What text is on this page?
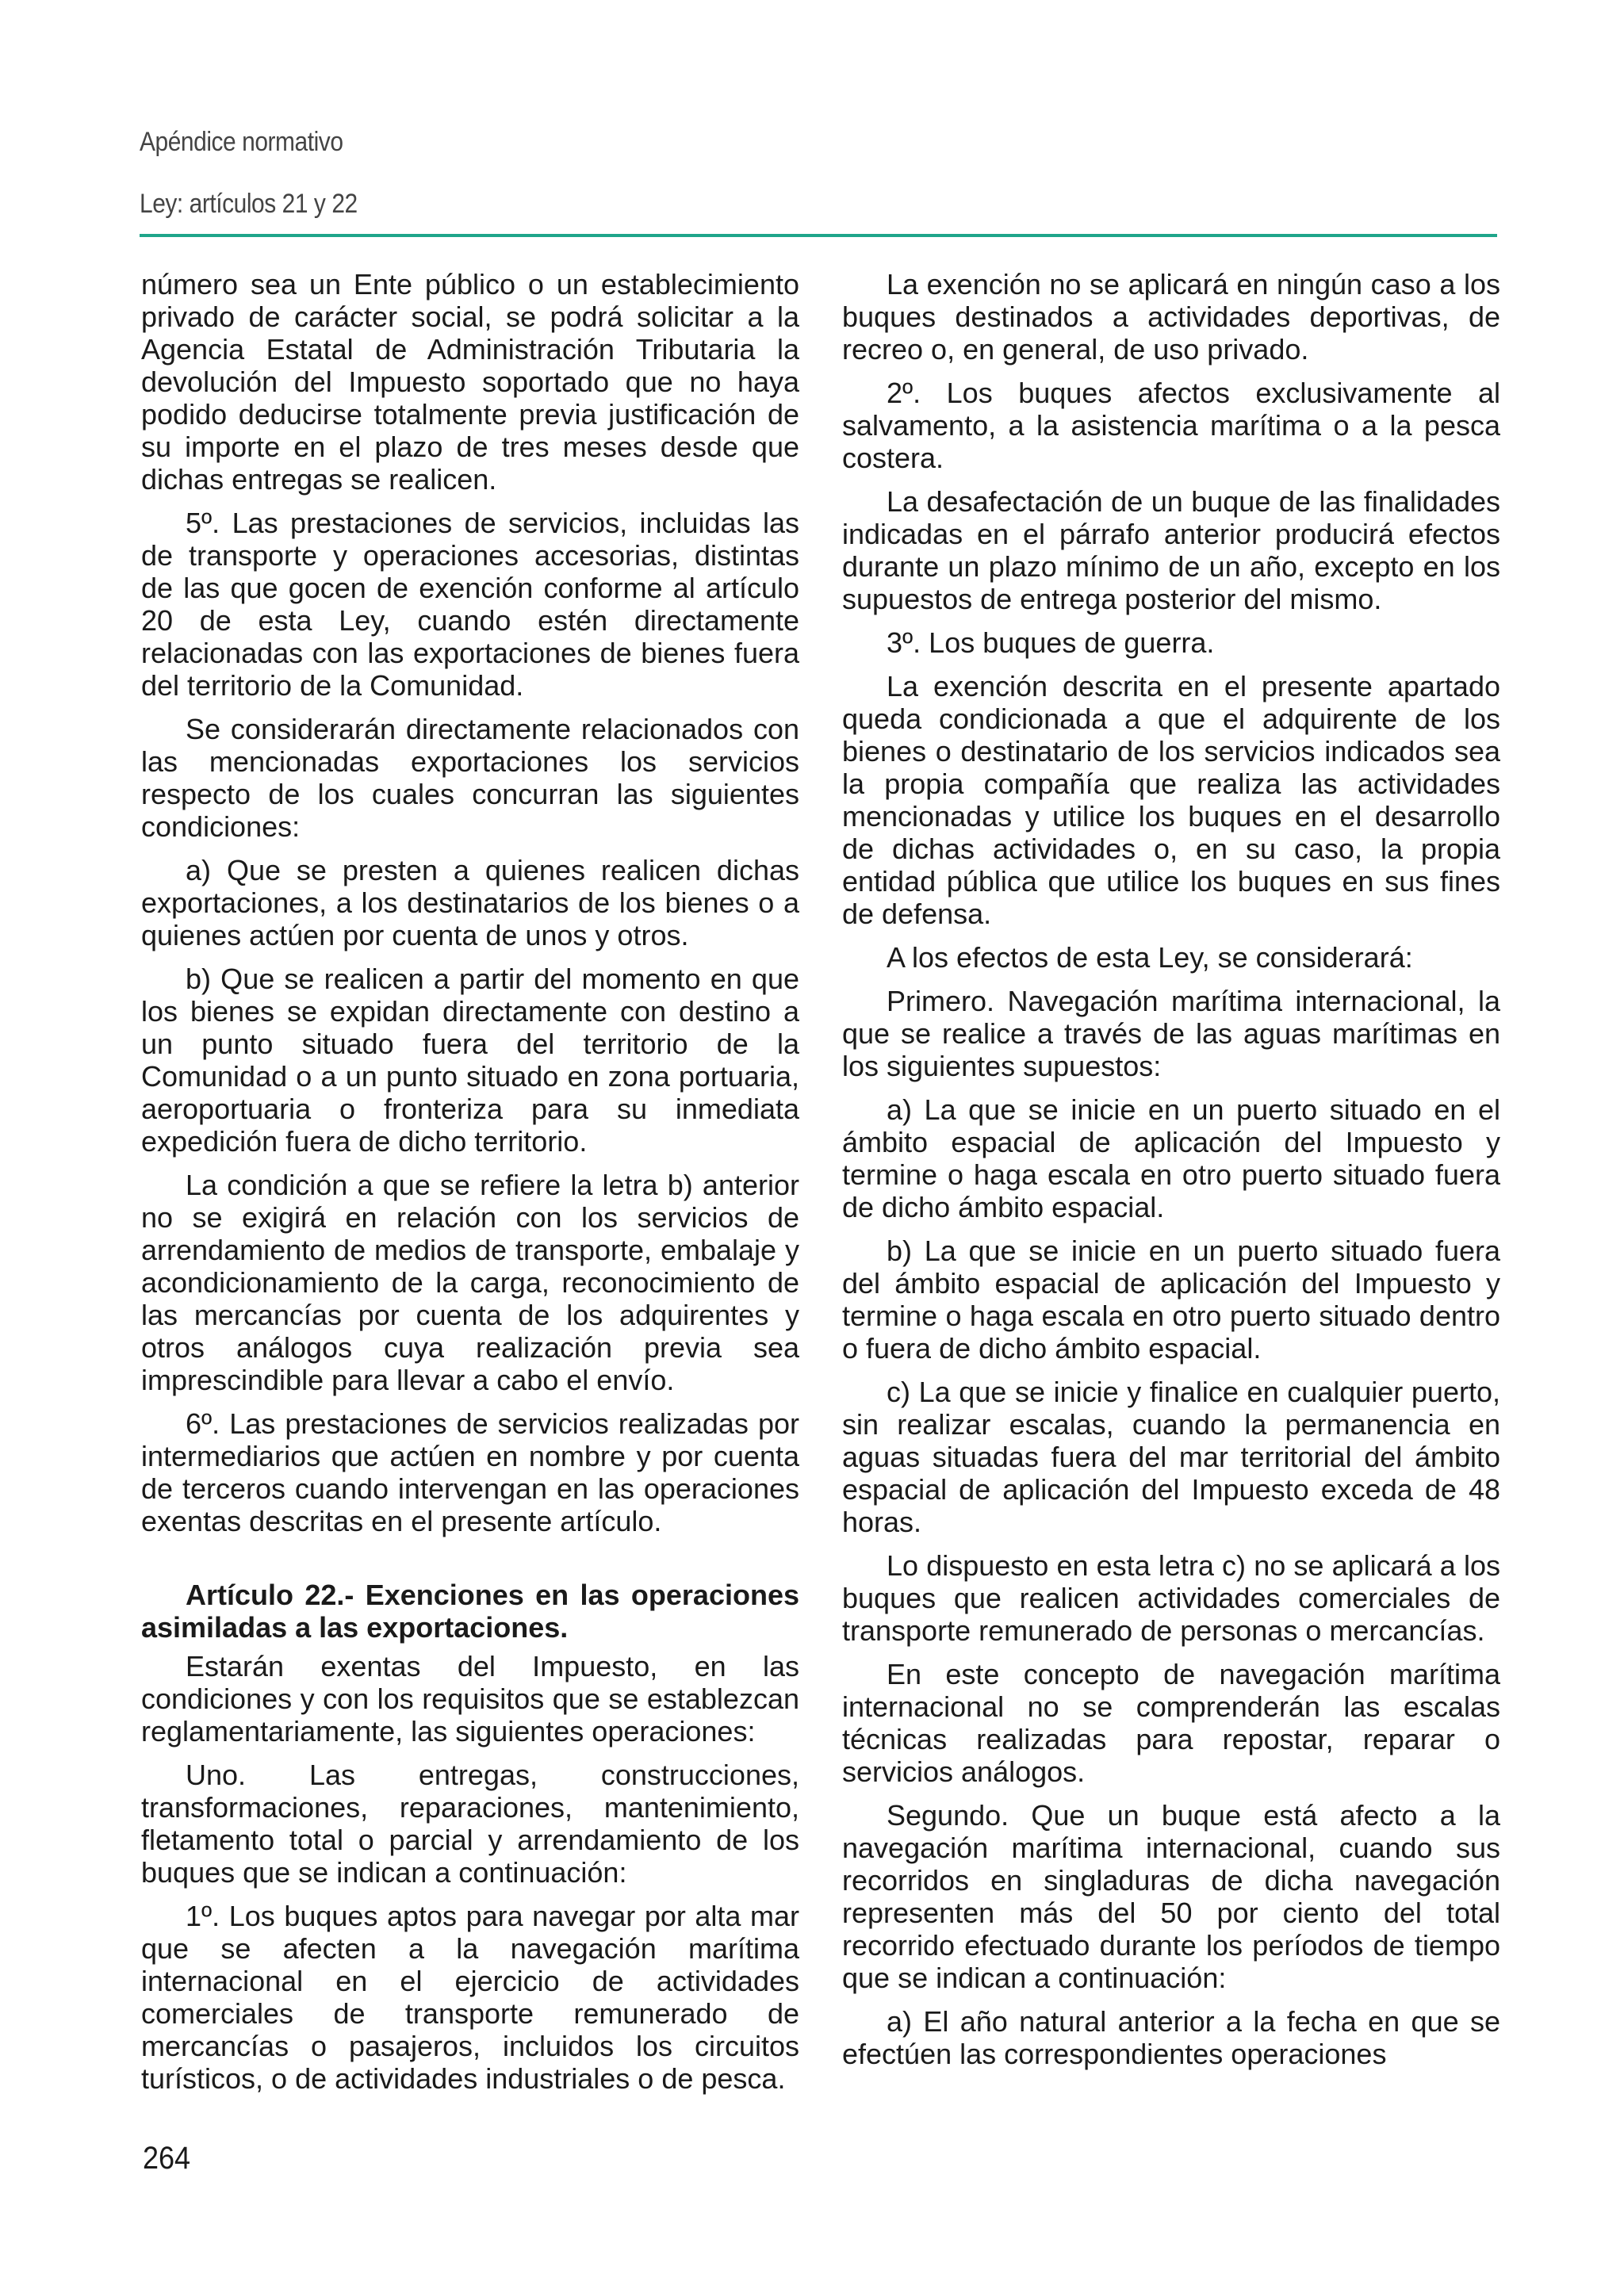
Apéndice normativo
Ley: artículos 21 y 22

número sea un Ente público o un establecimiento privado de carácter social, se podrá solicitar a la Agencia Estatal de Administración Tributaria la devolución del Impuesto soportado que no haya podido deducirse totalmente previa justificación de su importe en el plazo de tres meses desde que dichas entregas se realicen.

5º. Las prestaciones de servicios, incluidas las de transporte y operaciones accesorias, distintas de las que gocen de exención conforme al artículo 20 de esta Ley, cuando estén directamente relacionadas con las exportaciones de bienes fuera del territorio de la Comunidad.

Se considerarán directamente relacionados con las mencionadas exportaciones los servicios respecto de los cuales concurran las siguientes condiciones:

a) Que se presten a quienes realicen dichas exportaciones, a los destinatarios de los bienes o a quienes actúen por cuenta de unos y otros.

b) Que se realicen a partir del momento en que los bienes se expidan directamente con destino a un punto situado fuera del territorio de la Comunidad o a un punto situado en zona portuaria, aeroportuaria o fronteriza para su inmediata expedición fuera de dicho territorio.

La condición a que se refiere la letra b) anterior no se exigirá en relación con los servicios de arrendamiento de medios de transporte, embalaje y acondicionamiento de la carga, reconocimiento de las mercancías por cuenta de los adquirentes y otros análogos cuya realización previa sea imprescindible para llevar a cabo el envío.

6º. Las prestaciones de servicios realizadas por intermediarios que actúen en nombre y por cuenta de terceros cuando intervengan en las operaciones exentas descritas en el presente artículo.

Artículo 22.- Exenciones en las operaciones asimiladas a las exportaciones.

Estarán exentas del Impuesto, en las condiciones y con los requisitos que se establezcan reglamentariamente, las siguientes operaciones:

Uno. Las entregas, construcciones, transformaciones, reparaciones, mantenimiento, fletamento total o parcial y arrendamiento de los buques que se indican a continuación:

1º. Los buques aptos para navegar por alta mar que se afecten a la navegación marítima internacional en el ejercicio de actividades comerciales de transporte remunerado de mercancías o pasajeros, incluidos los circuitos turísticos, o de actividades industriales o de pesca.

La exención no se aplicará en ningún caso a los buques destinados a actividades deportivas, de recreo o, en general, de uso privado.

2º. Los buques afectos exclusivamente al salvamento, a la asistencia marítima o a la pesca costera.

La desafectación de un buque de las finalidades indicadas en el párrafo anterior producirá efectos durante un plazo mínimo de un año, excepto en los supuestos de entrega posterior del mismo.

3º. Los buques de guerra.

La exención descrita en el presente apartado queda condicionada a que el adquirente de los bienes o destinatario de los servicios indicados sea la propia compañía que realiza las actividades mencionadas y utilice los buques en el desarrollo de dichas actividades o, en su caso, la propia entidad pública que utilice los buques en sus fines de defensa.

A los efectos de esta Ley, se considerará:

Primero. Navegación marítima internacional, la que se realice a través de las aguas marítimas en los siguientes supuestos:

a) La que se inicie en un puerto situado en el ámbito espacial de aplicación del Impuesto y termine o haga escala en otro puerto situado fuera de dicho ámbito espacial.

b) La que se inicie en un puerto situado fuera del ámbito espacial de aplicación del Impuesto y termine o haga escala en otro puerto situado dentro o fuera de dicho ámbito espacial.

c) La que se inicie y finalice en cualquier puerto, sin realizar escalas, cuando la permanencia en aguas situadas fuera del mar territorial del ámbito espacial de aplicación del Impuesto exceda de 48 horas.

Lo dispuesto en esta letra c) no se aplicará a los buques que realicen actividades comerciales de transporte remunerado de personas o mercancías.

En este concepto de navegación marítima internacional no se comprenderán las escalas técnicas realizadas para repostar, reparar o servicios análogos.

Segundo. Que un buque está afecto a la navegación marítima internacional, cuando sus recorridos en singladuras de dicha navegación representen más del 50 por ciento del total recorrido efectuado durante los períodos de tiempo que se indican a continuación:

a) El año natural anterior a la fecha en que se efectúen las correspondientes operaciones

264
